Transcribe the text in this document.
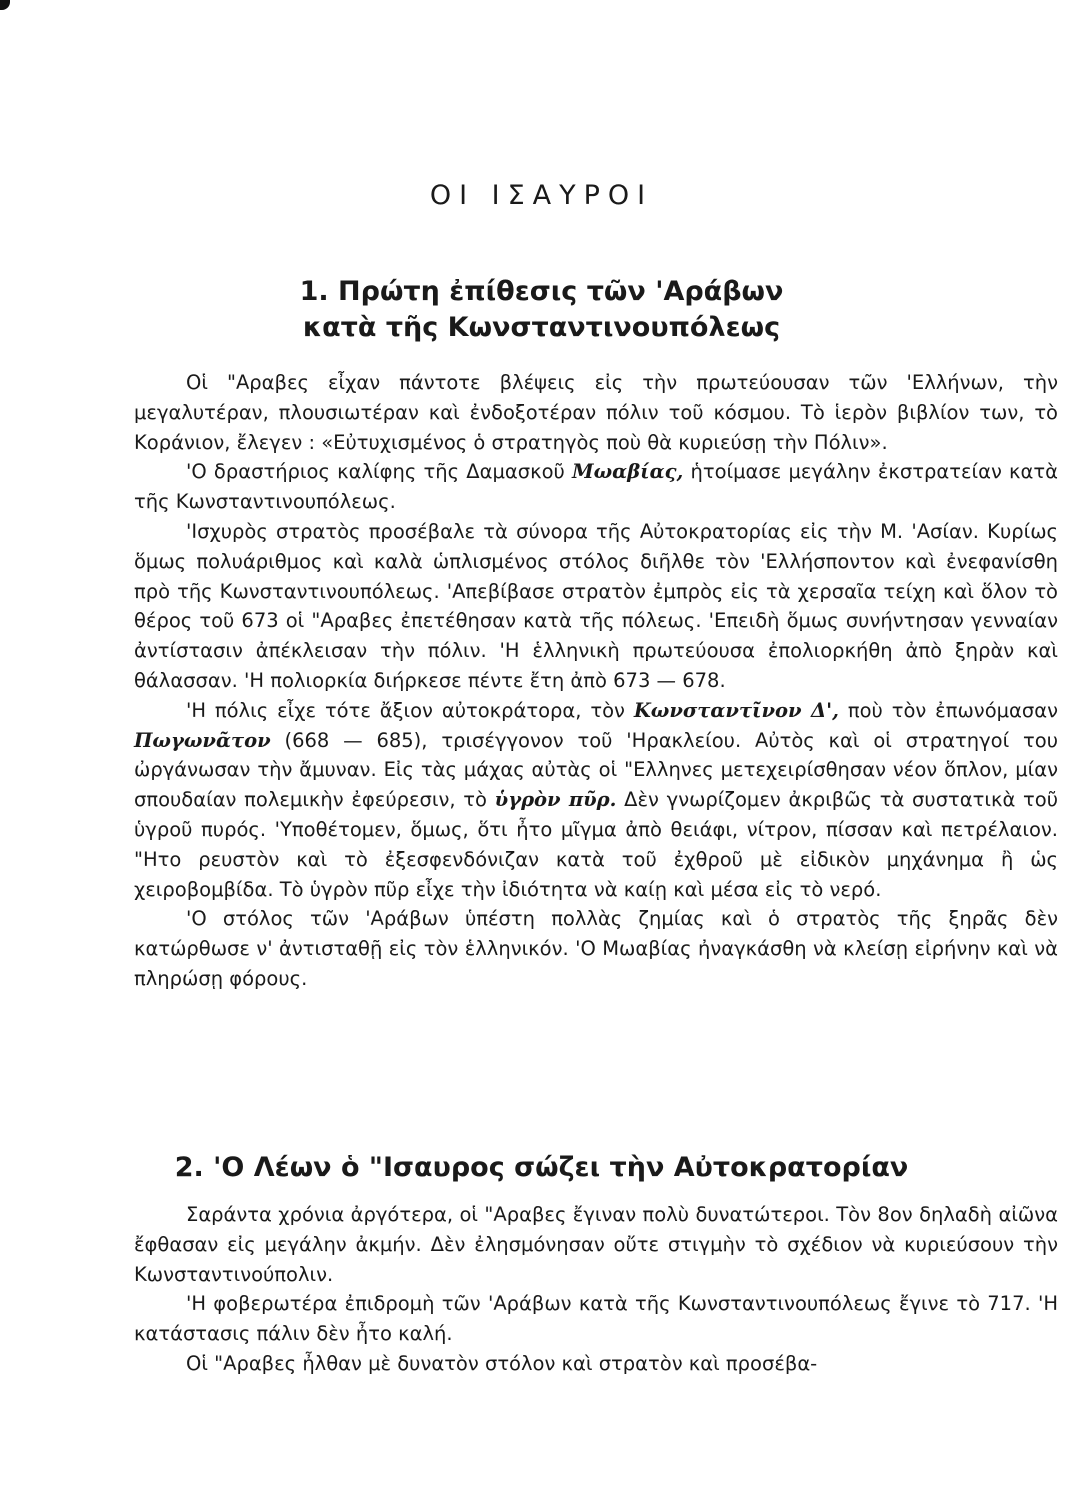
ΟΙ ΙΣΑΥΡΟΙ
1. Πρώτη ἐπίθεσις τῶν 'Αράβων
κατὰ τῆς Κωνσταντινουπόλεως

Οἱ "Αραβες εἶχαν πάντοτε βλέψεις εἰς τὴν πρωτεύουσαν τῶν 'Ελλήνων, τὴν μεγαλυτέραν, πλουσιωτέραν καὶ ἐνδοξοτέραν πόλιν τοῦ κόσμου. Τὸ ἱερὸν βιβλίον των, τὸ Κοράνιον, ἔλεγεν : «Εὐτυχισμένος ὁ στρατηγὸς ποὺ θὰ κυριεύσῃ τὴν Πόλιν».

'Ο δραστήριος καλίφης τῆς Δαμασκοῦ Μωαβίας, ἡτοίμασε μεγάλην ἐκστρατείαν κατὰ τῆς Κωνσταντινουπόλεως.

'Ισχυρὸς στρατὸς προσέβαλε τὰ σύνορα τῆς Αὐτοκρατορίας εἰς τὴν Μ. 'Ασίαν. Κυρίως ὅμως πολυάριθμος καὶ καλὰ ὡπλισμένος στόλος διῆλθε τὸν 'Ελλήσποντον καὶ ἐνεφανίσθη πρὸ τῆς Κωνσταντινουπόλεως. 'Απεβίβασε στρατὸν ἐμπρὸς εἰς τὰ χερσαῖα τείχη καὶ ὅλον τὸ θέρος τοῦ 673 οἱ "Αραβες ἐπετέθησαν κατὰ τῆς πόλεως. 'Επειδὴ ὅμως συνήντησαν γενναίαν ἀντίστασιν ἀπέκλεισαν τὴν πόλιν. 'Η ἑλληνικὴ πρωτεύουσα ἐπολιορκήθη ἀπὸ ξηρὰν καὶ θάλασσαν. 'Η πολιορκία διήρκεσε πέντε ἔτη ἀπὸ 673 — 678.

'Η πόλις εἶχε τότε ἄξιον αὐτοκράτορα, τὸν Κωνσταντῖνον Δ', ποὺ τὸν ἐπωνόμασαν Πωγωνᾶτον (668 — 685), τρισέγγονον τοῦ 'Ηρακλείου. Αὐτὸς καὶ οἱ στρατηγοί του ὠργάνωσαν τὴν ἄμυναν. Εἰς τὰς μάχας αὐτὰς οἱ "Ελληνες μετεχειρίσθησαν νέον ὅπλον, μίαν σπουδαίαν πολεμικὴν ἐφεύρεσιν, τὸ ὑγρὸν πῦρ. Δὲν γνωρίζομεν ἀκριβῶς τὰ συστατικὰ τοῦ ὑγροῦ πυρός. 'Υποθέτομεν, ὅμως, ὅτι ἦτο μῖγμα ἀπὸ θειάφι, νίτρον, πίσσαν καὶ πετρέλαιον. "Ητο ρευστὸν καὶ τὸ ἐξεσφενδόνιζαν κατὰ τοῦ ἐχθροῦ μὲ εἰδικὸν μηχάνημα ἢ ὡς χειροβομβίδα. Τὸ ὑγρὸν πῦρ εἶχε τὴν ἰδιότητα νὰ καίῃ καὶ μέσα εἰς τὸ νερό.

'Ο στόλος τῶν 'Αράβων ὑπέστη πολλὰς ζημίας καὶ ὁ στρατὸς τῆς ξηρᾶς δὲν κατώρθωσε ν' ἀντισταθῇ εἰς τὸν ἑλληνικόν. 'Ο Μωαβίας ἠναγκάσθη νὰ κλείσῃ εἰρήνην καὶ νὰ πληρώσῃ φόρους.

2. 'Ο Λέων ὁ "Ισαυρος σώζει τὴν Αὐτοκρατορίαν

Σαράντα χρόνια ἀργότερα, οἱ "Αραβες ἔγιναν πολὺ δυνατώτεροι. Τὸν 8ον δηλαδὴ αἰῶνα ἔφθασαν εἰς μεγάλην ἀκμήν. Δὲν ἐλησμόνησαν οὔτε στιγμὴν τὸ σχέδιον νὰ κυριεύσουν τὴν Κωνσταντινούπολιν.

'Η φοβερωτέρα ἐπιδρομὴ τῶν 'Αράβων κατὰ τῆς Κωνσταντινουπόλεως ἔγινε τὸ 717. 'Η κατάστασις πάλιν δὲν ἦτο καλή.

Οἱ "Αραβες ἦλθαν μὲ δυνατὸν στόλον καὶ στρατὸν καὶ προσέβα-
